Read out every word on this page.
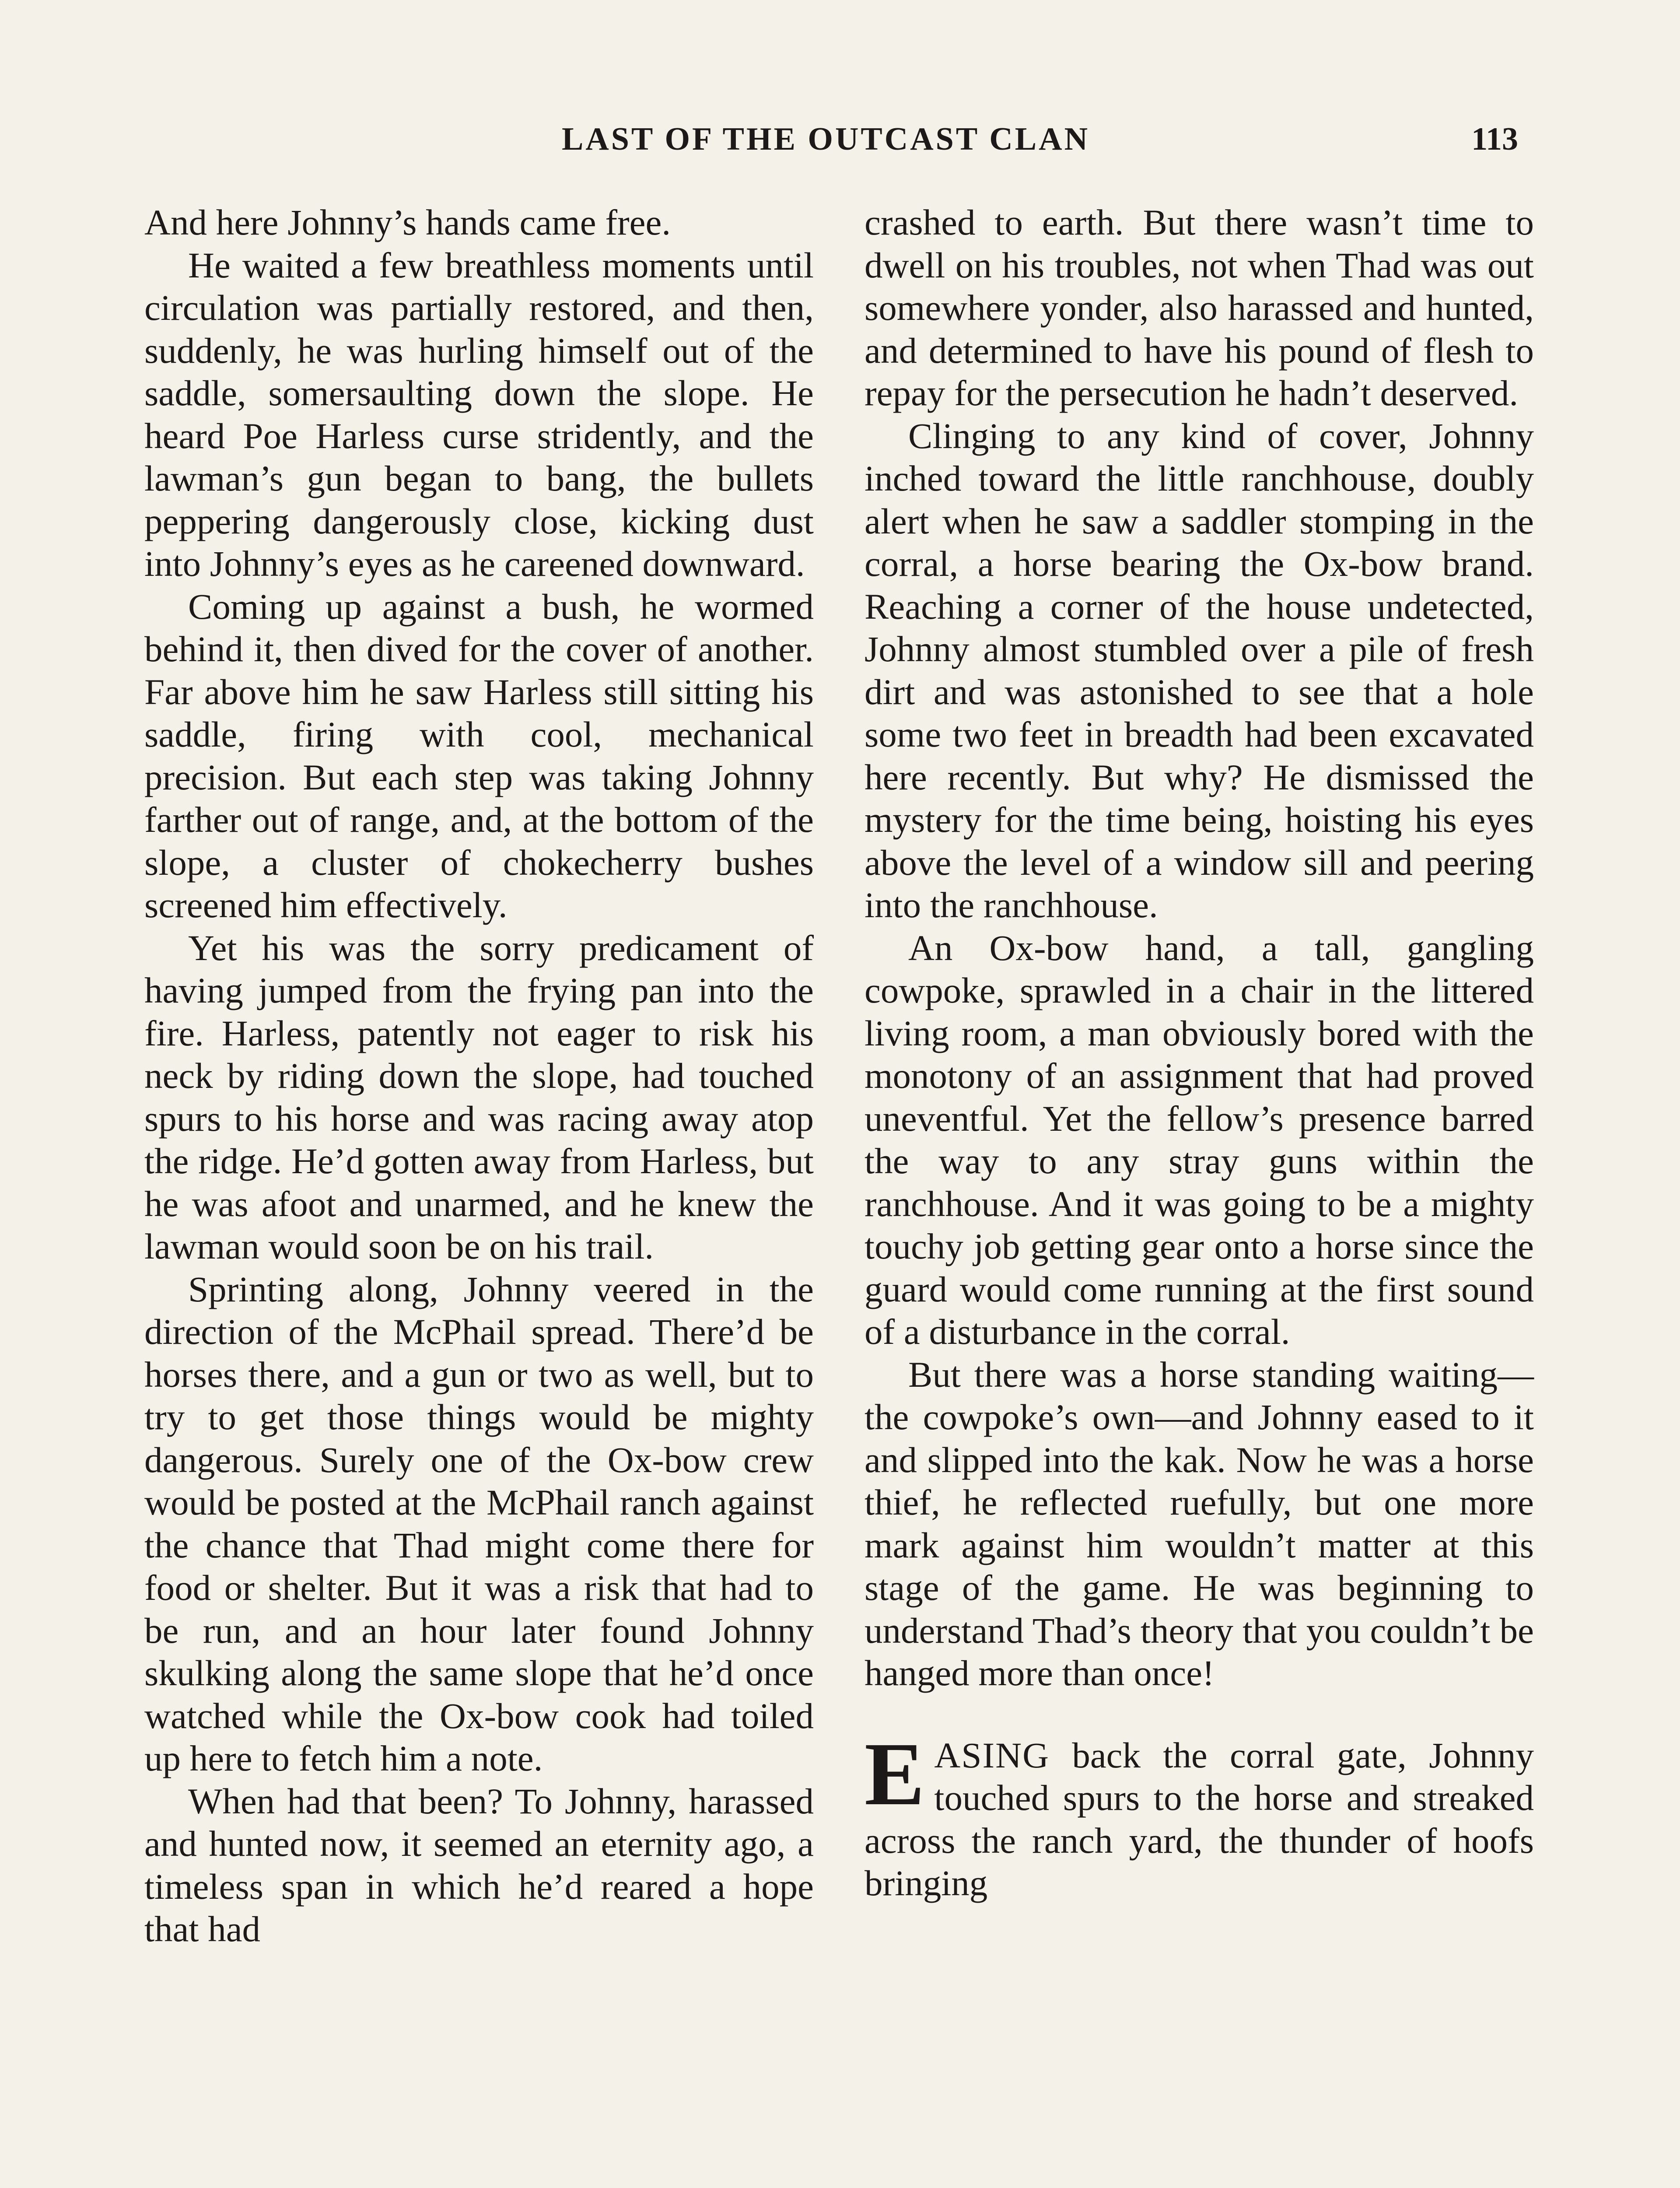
LAST OF THE OUTCAST CLAN	113

And here Johnny’s hands came free.

He waited a few breathless moments until circulation was partially restored, and then, suddenly, he was hurling himself out of the saddle, somersaulting down the slope. He heard Poe Harless curse stridently, and the lawman’s gun began to bang, the bullets peppering dangerously close, kicking dust into Johnny’s eyes as he careened downward.

Coming up against a bush, he wormed behind it, then dived for the cover of another. Far above him he saw Harless still sitting his saddle, firing with cool, mechanical precision. But each step was taking Johnny farther out of range, and, at the bottom of the slope, a cluster of chokecherry bushes screened him effectively.

Yet his was the sorry predicament of having jumped from the frying pan into the fire. Harless, patently not eager to risk his neck by riding down the slope, had touched spurs to his horse and was racing away atop the ridge. He’d gotten away from Harless, but he was afoot and unarmed, and he knew the lawman would soon be on his trail.

Sprinting along, Johnny veered in the direction of the McPhail spread. There’d be horses there, and a gun or two as well, but to try to get those things would be mighty dangerous. Surely one of the Ox-bow crew would be posted at the McPhail ranch against the chance that Thad might come there for food or shelter. But it was a risk that had to be run, and an hour later found Johnny skulking along the same slope that he’d once watched while the Ox-bow cook had toiled up here to fetch him a note.

When had that been? To Johnny, harassed and hunted now, it seemed an eternity ago, a timeless span in which he’d reared a hope that had

crashed to earth. But there wasn’t time to dwell on his troubles, not when Thad was out somewhere yonder, also harassed and hunted, and determined to have his pound of flesh to repay for the persecution he hadn’t deserved.

Clinging to any kind of cover, Johnny inched toward the little ranchhouse, doubly alert when he saw a saddler stomping in the corral, a horse bearing the Ox-bow brand. Reaching a corner of the house undetected, Johnny almost stumbled over a pile of fresh dirt and was astonished to see that a hole some two feet in breadth had been excavated here recently. But why? He dismissed the mystery for the time being, hoisting his eyes above the level of a window sill and peering into the ranchhouse.

An Ox-bow hand, a tall, gangling cowpoke, sprawled in a chair in the littered living room, a man obviously bored with the monotony of an assignment that had proved uneventful. Yet the fellow’s presence barred the way to any stray guns within the ranchhouse. And it was going to be a mighty touchy job getting gear onto a horse since the guard would come running at the first sound of a disturbance in the corral.

But there was a horse standing waiting—the cowpoke’s own—and Johnny eased to it and slipped into the kak. Now he was a horse thief, he reflected ruefully, but one more mark against him wouldn’t matter at this stage of the game. He was beginning to understand Thad’s theory that you couldn’t be hanged more than once!

EASING back the corral gate, Johnny touched spurs to the horse and streaked across the ranch yard, the thunder of hoofs bringing
